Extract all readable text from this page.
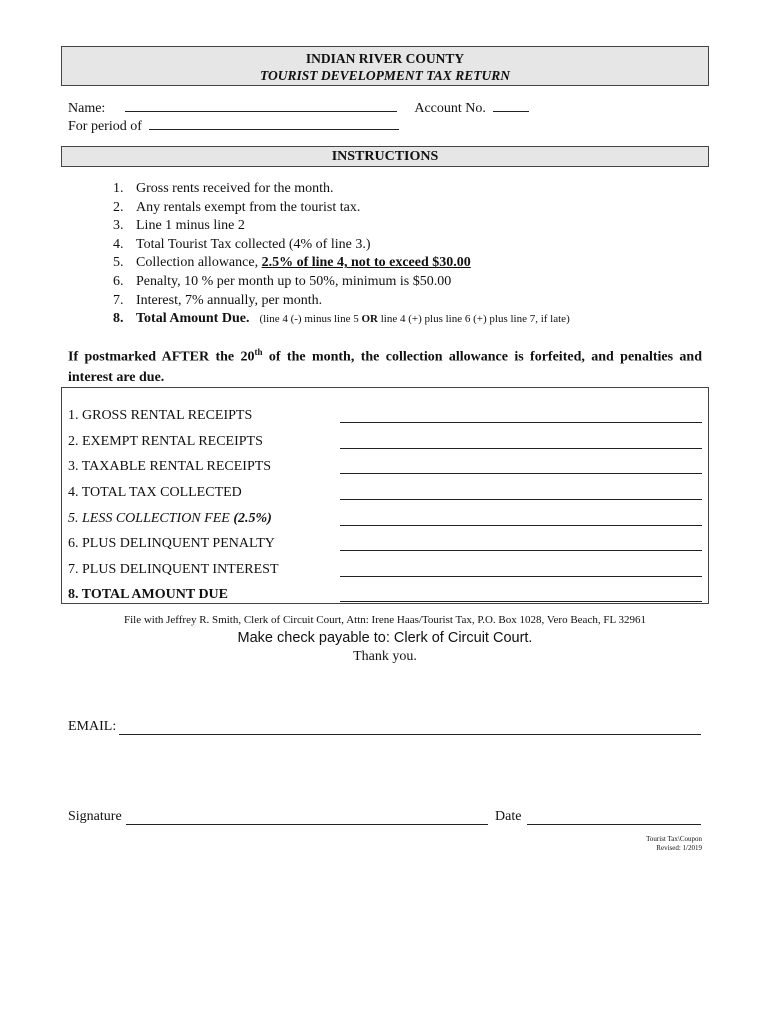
INDIAN RIVER COUNTY
TOURIST DEVELOPMENT TAX RETURN
Name:	Account No.
For period of
INSTRUCTIONS
1. Gross rents received for the month.
2. Any rentals exempt from the tourist tax.
3. Line 1 minus line 2
4. Total Tourist Tax collected (4% of line 3.)
5. Collection allowance, 2.5% of line 4, not to exceed $30.00
6. Penalty, 10 % per month up to 50%, minimum is $50.00
7. Interest, 7% annually, per month.
8. Total Amount Due. (line 4 (-) minus line 5 OR line 4 (+) plus line 6 (+) plus line 7, if late)
If postmarked AFTER the 20th of the month, the collection allowance is forfeited, and penalties and interest are due.
1. GROSS RENTAL RECEIPTS
2. EXEMPT RENTAL RECEIPTS
3. TAXABLE RENTAL RECEIPTS
4. TOTAL TAX COLLECTED
5. LESS COLLECTION FEE (2.5%)
6. PLUS DELINQUENT PENALTY
7. PLUS DELINQUENT INTEREST
8. TOTAL AMOUNT DUE
File with Jeffrey R. Smith, Clerk of Circuit Court, Attn: Irene Haas/Tourist Tax, P.O. Box 1028, Vero Beach, FL 32961
Make check payable to: Clerk of Circuit Court.
Thank you.
EMAIL:
Signature	Date
Tourist Tax\Coupon
Revised: 1/2019
